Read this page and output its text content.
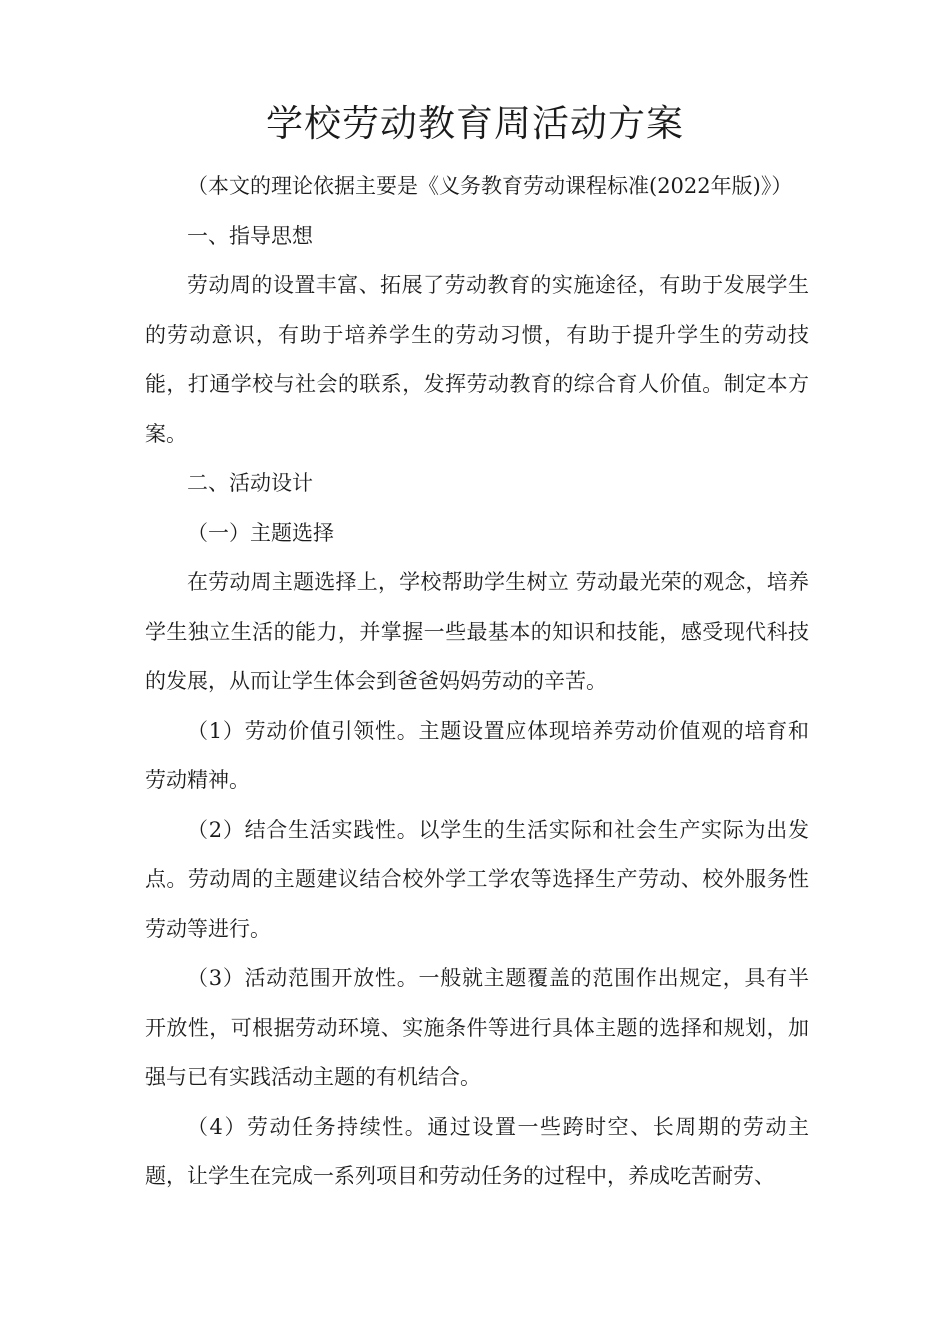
学校劳动教育周活动方案

（本文的理论依据主要是《义务教育劳动课程标准(2022年版)》）

一、指导思想

劳动周的设置丰富、拓展了劳动教育的实施途径，有助于发展学生的劳动意识，有助于培养学生的劳动习惯，有助于提升学生的劳动技能，打通学校与社会的联系，发挥劳动教育的综合育人价值。制定本方案。

二、活动设计

（一）主题选择

在劳动周主题选择上，学校帮助学生树立 劳动最光荣的观念，培养学生独立生活的能力，并掌握一些最基本的知识和技能，感受现代科技的发展，从而让学生体会到爸爸妈妈劳动的辛苦。

（1）劳动价值引领性。主题设置应体现培养劳动价值观的培育和劳动精神。

（2）结合生活实践性。以学生的生活实际和社会生产实际为出发点。劳动周的主题建议结合校外学工学农等选择生产劳动、校外服务性劳动等进行。

（3）活动范围开放性。一般就主题覆盖的范围作出规定，具有半开放性，可根据劳动环境、实施条件等进行具体主题的选择和规划，加强与已有实践活动主题的有机结合。

（4）劳动任务持续性。通过设置一些跨时空、长周期的劳动主题，让学生在完成一系列项目和劳动任务的过程中，养成吃苦耐劳、
